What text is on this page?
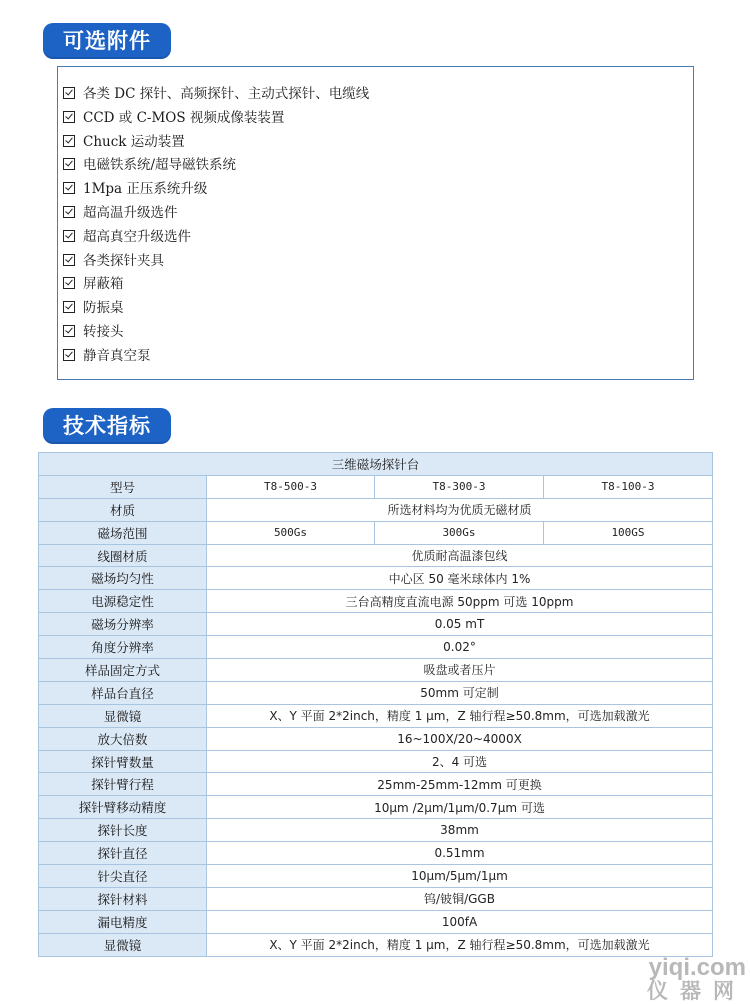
可选附件
各类 DC 探针、高频探针、主动式探针、电缆线
CCD 或 C-MOS 视频成像装装置
Chuck 运动装置
电磁铁系统/超导磁铁系统
1Mpa 正压系统升级
超高温升级选件
超高真空升级选件
各类探针夹具
屏蔽箱
防振桌
转接头
静音真空泵
技术指标
三维磁场探针台			
型号	T8-500-3	T8-300-3	T8-100-3
材质	所选材料均为优质无磁材质		
磁场范围	500Gs	300Gs	100GS
线圈材质	优质耐高温漆包线		
磁场均匀性	中心区 50 毫米球体内 1%		
电源稳定性	三台高精度直流电源 50ppm 可选 10ppm		
磁场分辨率	0.05 mT		
角度分辨率	0.02°		
样品固定方式	吸盘或者压片		
样品台直径	50mm 可定制		
显微镜	X、Y 平面 2*2inch，精度 1 μm，Z 轴行程≥50.8mm，可选加载激光		
放大倍数	16~100X/20~4000X		
探针臂数量	2、4 可选		
探针臂行程	25mm-25mm-12mm 可更换		
探针臂移动精度	10μm /2μm/1μm/0.7μm 可选		
探针长度	38mm		
探针直径	0.51mm		
针尖直径	10μm/5μm/1μm		
探针材料	钨/铍铜/GGB		
漏电精度	100fA		
显微镜	X、Y 平面 2*2inch，精度 1 μm，Z 轴行程≥50.8mm，可选加载激光		
yiqi.com
仪器网
